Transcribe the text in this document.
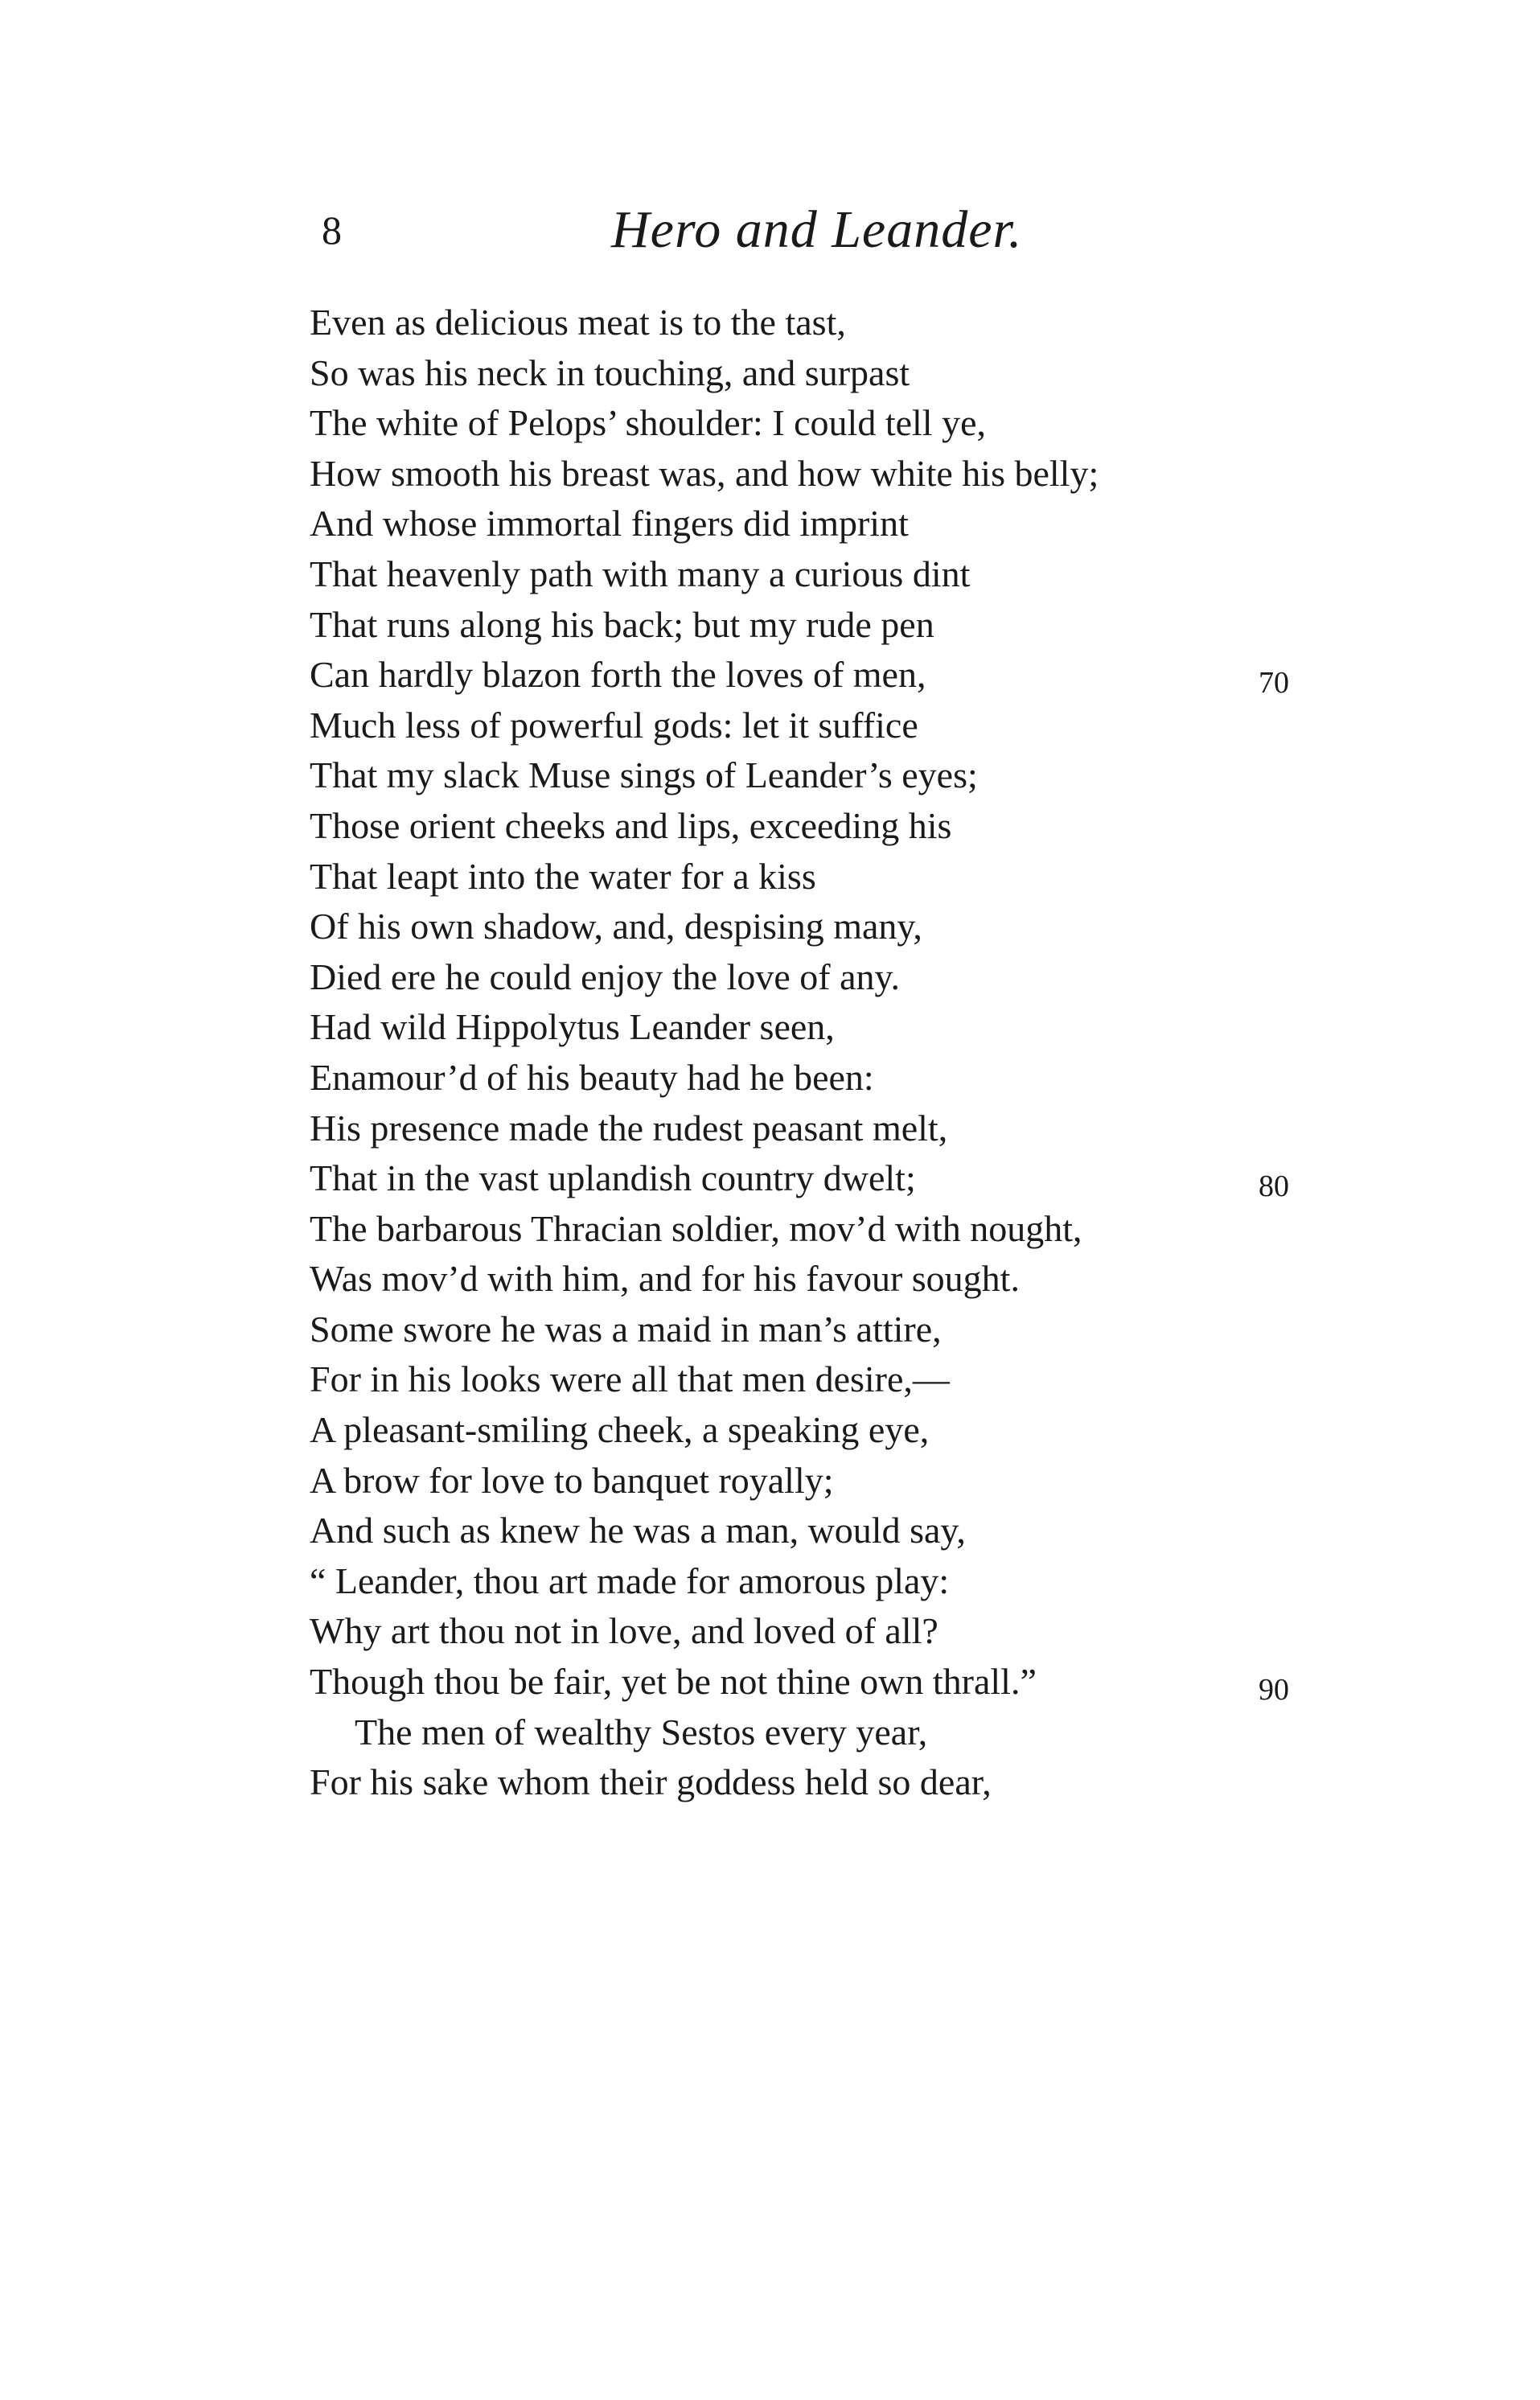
8	Hero and Leander.
Even as delicious meat is to the tast,
So was his neck in touching, and surpast
The white of Pelops’ shoulder: I could tell ye,
How smooth his breast was, and how white his belly;
And whose immortal fingers did imprint
That heavenly path with many a curious dint
That runs along his back; but my rude pen
Can hardly blazon forth the loves of men,	70
Much less of powerful gods: let it suffice
That my slack Muse sings of Leander’s eyes;
Those orient cheeks and lips, exceeding his
That leapt into the water for a kiss
Of his own shadow, and, despising many,
Died ere he could enjoy the love of any.
Had wild Hippolytus Leander seen,
Enamour’d of his beauty had he been:
His presence made the rudest peasant melt,
That in the vast uplandish country dwelt;	80
The barbarous Thracian soldier, mov’d with nought,
Was mov’d with him, and for his favour sought.
Some swore he was a maid in man’s attire,
For in his looks were all that men desire,—
A pleasant-smiling cheek, a speaking eye,
A brow for love to banquet royally;
And such as knew he was a man, would say,
“ Leander, thou art made for amorous play:
Why art thou not in love, and loved of all?
Though thou be fair, yet be not thine own thrall.”	90
The men of wealthy Sestos every year,
For his sake whom their goddess held so dear,
